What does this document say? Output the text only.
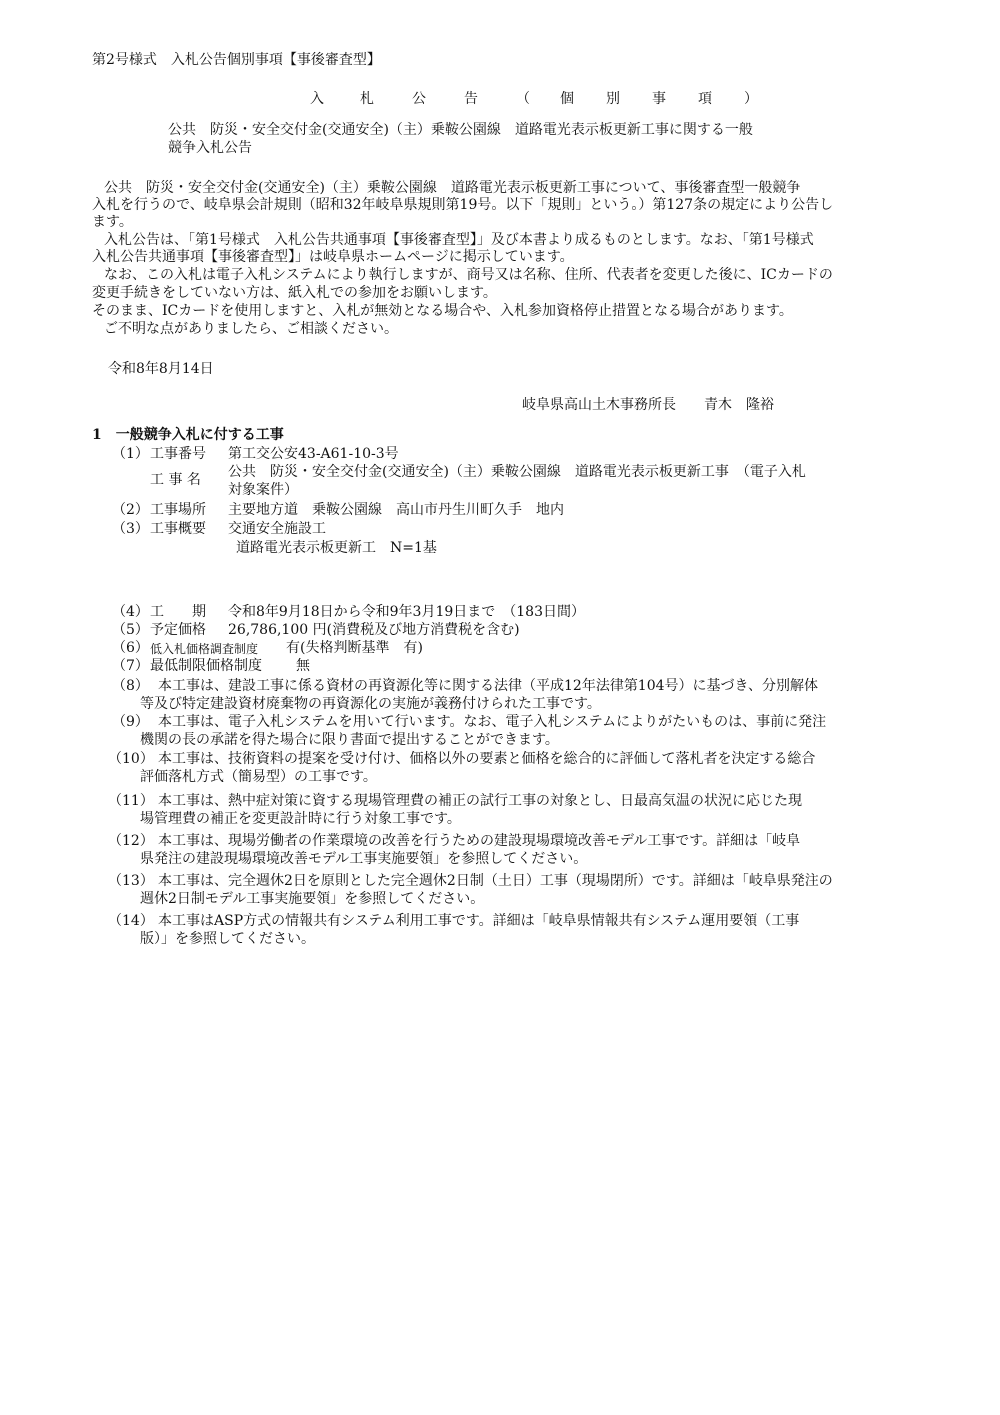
第2号様式　入札公告個別事項【事後審査型】
入	札	公	告	（ 個 別 事 項 ）
公共　防災・安全交付金(交通安全)（主）乗鞍公園線　道路電光表示板更新工事に関する一般
競争入札公告
公共　防災・安全交付金(交通安全)（主）乗鞍公園線　道路電光表示板更新工事について、事後審査型一般競争
入札を行うので、岐阜県会計規則（昭和32年岐阜県規則第19号。以下「規則」という。）第127条の規定により公告し
ます。
入札公告は、「第1号様式　入札公告共通事項【事後審査型】」及び本書より成るものとします。なお、「第1号様式
入札公告共通事項【事後審査型】」は岐阜県ホームページに掲示しています。
なお、この入札は電子入札システムにより執行しますが、商号又は名称、住所、代表者を変更した後に、ICカードの
変更手続きをしていない方は、紙入札での参加をお願いします。
そのまま、ICカードを使用しますと、入札が無効となる場合や、入札参加資格停止措置となる場合があります。
ご不明な点がありましたら、ご相談ください。
令和8年8月14日
岐阜県高山土木事務所長　　青木　隆裕
1　一般競争入札に付する工事
（1） 工事番号 第工交公安43-A61-10-3号
工 事 名 公共　防災・安全交付金(交通安全)（主）乗鞍公園線　道路電光表示板更新工事　（電子入札
対象案件）
（2） 工事場所 主要地方道　乗鞍公園線　高山市丹生川町久手　地内
（3） 工事概要 交通安全施設工
道路電光表示板更新工　N=1基
（4） 工　　期 令和8年9月18日から令和9年3月19日まで　（183日間）
（5） 予定価格 26,786,100 円(消費税及び地方消費税を含む)
（6） 低入札価格調査制度 有(失格判断基準　有)
（7） 最低制限価格制度 無
（8） 本工事は、建設工事に係る資材の再資源化等に関する法律（平成12年法律第104号）に基づき、分別解体
等及び特定建設資材廃棄物の再資源化の実施が義務付けられた工事です。
（9） 本工事は、電子入札システムを用いて行います。なお、電子入札システムによりがたいものは、事前に発注
機関の長の承諾を得た場合に限り書面で提出することができます。
（10） 本工事は、技術資料の提案を受け付け、価格以外の要素と価格を総合的に評価して落札者を決定する総合
評価落札方式（簡易型）の工事です。
（11） 本工事は、熱中症対策に資する現場管理費の補正の試行工事の対象とし、日最高気温の状況に応じた現
場管理費の補正を変更設計時に行う対象工事です。
（12） 本工事は、現場労働者の作業環境の改善を行うための建設現場環境改善モデル工事です。詳細は「岐阜
県発注の建設現場環境改善モデル工事実施要領」を参照してください。
（13） 本工事は、完全週休2日を原則とした完全週休2日制（土日）工事（現場閉所）です。詳細は「岐阜県発注の
週休2日制モデル工事実施要領」を参照してください。
（14） 本工事はASP方式の情報共有システム利用工事です。詳細は「岐阜県情報共有システム運用要領（工事
版）」を参照してください。
